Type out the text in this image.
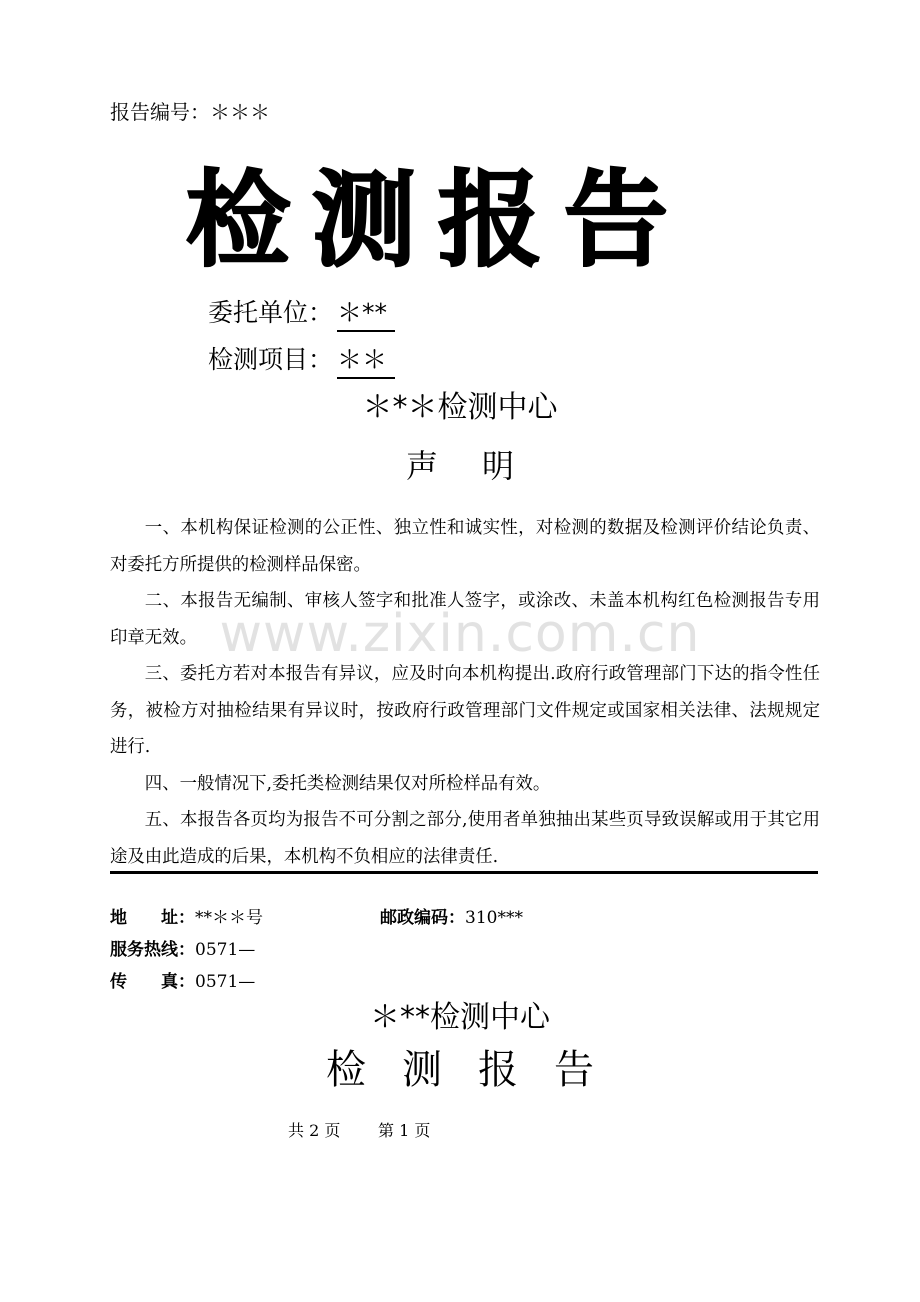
报告编号：＊＊＊
检测报告
委托单位： ＊**
检测项目： ＊＊
＊*＊检测中心
声明

一、本机构保证检测的公正性、独立性和诚实性，对检测的数据及检测评价结论负责、对委托方所提供的检测样品保密。

二、本报告无编制、审核人签字和批准人签字，或涂改、未盖本机构红色检测报告专用印章无效。

三、委托方若对本报告有异议，应及时向本机构提出.政府行政管理部门下达的指令性任务，被检方对抽检结果有异议时，按政府行政管理部门文件规定或国家相关法律、法规规定进行.

四、一般情况下,委托类检测结果仅对所检样品有效。

五、本报告各页均为报告不可分割之部分,使用者单独抽出某些页导致误解或用于其它用途及由此造成的后果，本机构不负相应的法律责任.

www.zixin.com.cn
地　　址：**＊＊号	邮政编码：310***
服务热线：0571—
传　　真：0571—
＊**检测中心
检测报告
共 2 页 第 1 页
